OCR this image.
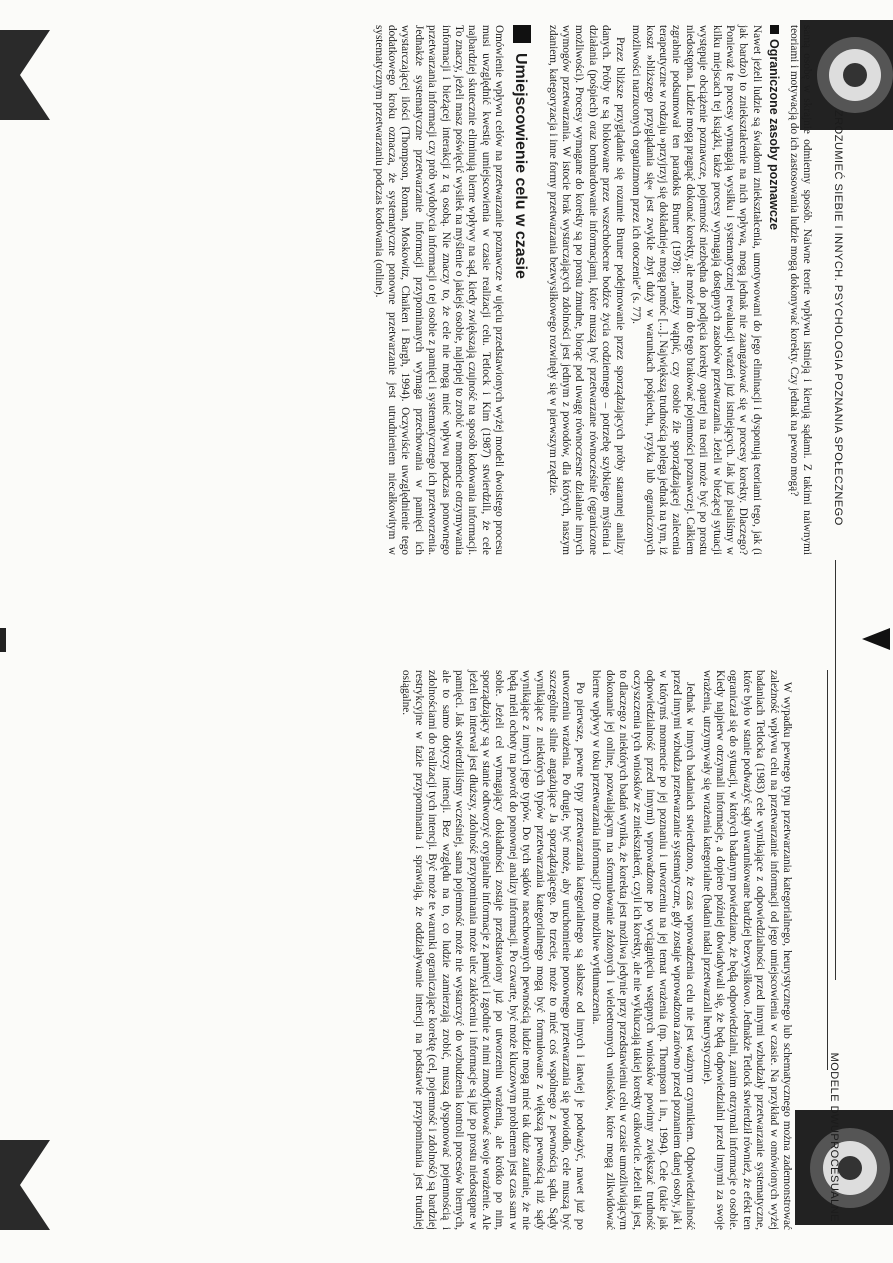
ZROZUMIEĆ SIEBIE I INNYCH. PSYCHOLOGIA POZNANIA SPOŁECZNEGO

samą osobę w skrajnie odmienny sposób. Naiwne teorie wpływu istnieją i kierują sądami. Z takimi naiwnymi teoriami i motywacją do ich zastosowania ludzie mogą dokonywać korekty. Czy jednak na pewno mogą?

Ograniczone zasoby poznawcze

Nawet jeżeli ludzie są świadomi zniekształcenia, umotywowani do jego eliminacji i dysponują teoriami tego, jak (i jak bardzo) to zniekształcenie na nich wpływa, mogą jednak nie zaangażować się w procesy korekty. Dlaczego? Ponieważ te procesy wymagają wysiłku i systematycznej rewaluacji wrażeń już istniejących. Jak już pisaliśmy w kilku miejscach tej książki, także procesy wymagają dostępnych zasobów przetwarzania. Jeżeli w bieżącej sytuacji występuje obciążenie poznawcze, pojemność niezbędna do podjęcia korekty opartej na teorii może być po prostu niedostępna. Ludzie mogą pragnąć dokonać korekty, ale może im do tego brakować pojemności poznawczej. Całkiem zgrabnie podsumował ten paradoks Bruner (1978): „należy wątpić, czy osobie źle sporządzającej zalecenia terapeutyczne w rodzaju »przyjrzyj się dokładniej« mogą pomóc [...]. Największą trudnością polega jednak na tym, iż koszt »bliższego przyglądania się« jest zwykle zbyt duży w warunkach pośpiechu, ryzyka lub ograniczonych możliwości narzuconych organizmom przez ich otoczenie” (s. 77).

Przez bliższe przyglądanie się rozumie Bruner podejmowanie przez sporządzających próby starannej analizy danych. Próby te są blokowane przez wszechobecne bodźce życia codziennego – potrzebę szybkiego myślenia i działania (pośpiech) oraz bombardowanie informacjami, które muszą być przetwarzane równocześnie (ograniczone możliwości). Procesy wymagane do korekty są po prostu żmudne, biorąc pod uwagę równoczesne działanie innych wymogów przetwarzania. W istocie brak wystarczających zdolności jest jednym z powodów, dla których, naszym zdaniem, kategoryzacja i inne formy przetwarzania bezwysiłkowego rozwinęły się w pierwszym rzędzie.

Umiejscowienie celu w czasie

Omówienie wpływu celów na przetwarzanie poznawcze w ujęciu przedstawionych wyżej modeli dwoistego procesu musi uwzględnić kwestię umiejscowienia w czasie realizacji celu. Tetlock i Kim (1987) stwierdzili, że cele najbardziej skutecznie eliminują bierne wpływy na sąd, kiedy zwiększają czujność na sposób kodowania informacji. To znaczy, jeżeli masz poświęcić wysiłek na myślenie o jakiejś osobie, najlepiej to zrobić w momencie otrzymywania informacji i bieżącej interakcji z tą osobą. Nie znaczy to, że cele nie mogą mieć wpływu podczas ponownego przetwarzania informacji czy prób wydobycia informacji o tej osobie z pamięci i systematycznego ich przetworzenia. Jednakże systematyczne przetwarzanie informacji przypominanych wymaga przechowania w pamięci ich wystarczającej ilości (Thompson, Roman, Moskowitz, Chaiken i Bargh, 1994). Oczywiście uwzględnienie tego dodatkowego kroku oznacza, że systematyczne ponowne przetwarzanie jest utrudnieniem niecałkowitym w systematycznym przetwarzaniu podczas kodowania (online).

MODELE DWUPROCESUALNE

W wypadku pewnego typu przetwarzania kategorialnego, heurystycznego lub schematycznego można zademonstrować zależność wpływu celu na przetwarzanie informacji od jego umiejscowienia w czasie. Na przykład w omówionych wyżej badaniach Tetlocka (1983) cele wynikające z odpowiedzialności przed innymi wzbudzały przetwarzanie systematyczne, które było w stanie podważyć sądy uwarunkowane bardziej bezwysiłkowo. Jednakże Tetlock stwierdził również, że efekt ten ograniczał się do sytuacji, w których badanym powiedziano, że będą odpowiedzialni, zanim otrzymali informacje o osobie. Kiedy najpierw otrzymali informacje, a dopiero później dowiadywali się, że będą odpowiedzialni przed innymi za swoje wrażenia, utrzymywały się wrażenia kategorialne (badani nadal przetwarzali heurystycznie).

Jednak w innych badaniach stwierdzono, że czas wprowadzenia celu nie jest ważnym czynnikiem. Odpowiedzialność przed innymi wzbudza przetwarzanie systematyczne, gdy zostaje wprowadzona zarówno przed poznaniem danej osoby, jak i w którymś momencie po jej poznaniu i utworzeniu na jej temat wrażenia (np. Thompson i in., 1994). Cele (takie jak odpowiedzialność przed innymi) wprowadzone po wyciągnięciu wstępnych wniosków powinny zwiększać trudność oczyszczenia tych wniosków ze zniekształceń, czyli ich korekty, ale nie wykluczają takiej korekty całkowicie. Jeżeli tak jest, to dlaczego z niektórych badań wynika, że korekta jest możliwa jedynie przy przedstawieniu celu w czasie umożliwiającym dokonanie jej online, pozwalającym na sformułowanie złożonych i wieloetronnych wniosków, które mogą zlikwidować bierne wpływy w toku przetwarzania informacji? Oto możliwe wytłumaczenia.

Po pierwsze, pewne typy przetwarzania kategorialnego są słabsze od innych i łatwiej je podważyć, nawet już po utworzeniu wrażenia. Po drugie, być może, aby uruchomienie ponownego przetwarzania się powiodło, cele muszą być szczególnie silnie angażujące Ja sporządzającego. Po trzecie, może to mieć coś wspólnego z pewnością sądu. Sądy wynikające z niektórych typów przetwarzania kategorialnego mogą być formułowane z większą pewnością niż sądy wynikające z innych jego typów. Do tych sądów nacechowanych pewnością ludzie mogą mieć tak duże zaufanie, że nie będą mieli ochoty na powrót do ponownej analizy informacji. Po czwarte, być może kluczowym problemem jest czas sam w sobie. Jeżeli cel wymagający dokładności zostaje przedstawiony już po utworzeniu wrażenia, ale krótko po nim, sporządzający są w stanie odtworzyć oryginalne informacje z pamięci i zgodnie z nimi zmodyfikować swoje wrażenie. Ale jeżeli ten interwał jest dłuższy, zdolność przypominania może ulec zakłóceniu i informacje są już po prostu niedostępne w pamięci. Jak stwierdziliśmy wcześniej, sama pojemność może nie wystarczyć do wzbudzenia kontroli procesów biernych, ale to samo dotyczy intencji. Bez względu na to, co ludzie zamierzają zrobić, muszą dysponować pojemnością i zdolnościami do realizacji tych intencji. Być może te warunki ograniczające korektę (cel, pojemność i zdolność) są bardziej restrykcyjne w fazie przypominania i sprawiają, że oddziaływanie intencji na podstawie przypominania jest trudniej osiągalne.
